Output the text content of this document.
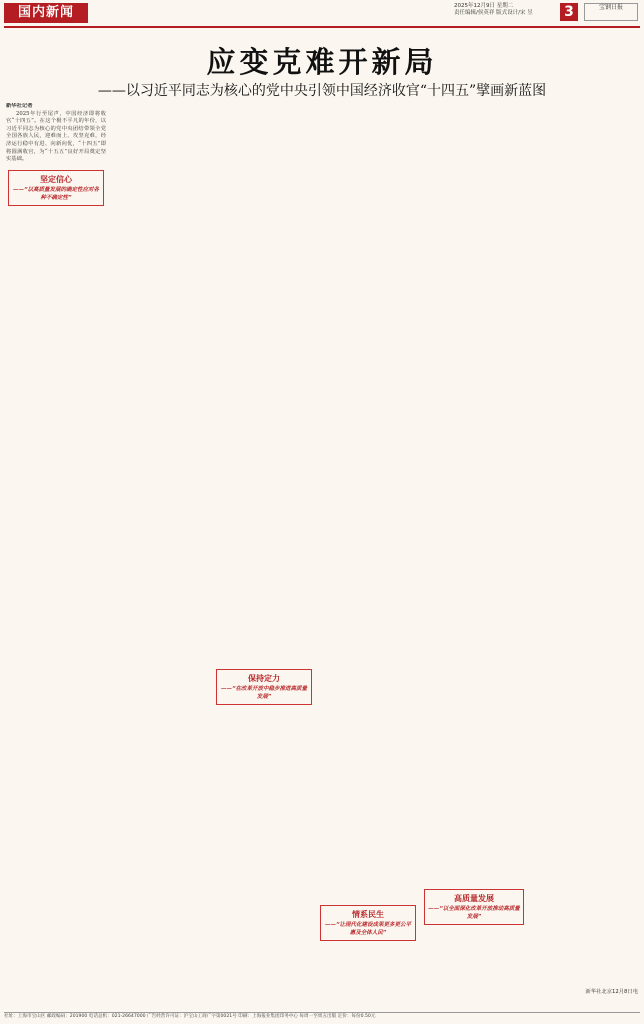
国内新闻	2025年12月9日 星期二
责任编辑/侯英祥 版式设计/宋 昱 3	宝钢日报
应变克难开新局
——以习近平同志为核心的党中央引领中国经济收官“十四五”擘画新蓝图
新华社记者

2025年行至尾声，中国经济即将收官“十四五”。在这个极不平凡的年份，以习近平同志为核心的党中央团结带领全党全国各族人民，迎难而上、攻坚克难，经济运行稳中有进、向新向优，“十四五”即将圆满收官，为“十五五”良好开局奠定坚实基础。

坚定信心
——“以高质量发展的确定性应对各种不确定性”
保持定力
——“在改革开放中稳步推进高质量发展”
情系民生
——“让现代化建设成果更多更公平惠及全体人民”
高质量发展
——“以全面深化改革开放推动高质量发展”
新华社北京12月8日电
社址：上海市宝山区 邮政编码：201900 电话总机：021-26647000 广告经营许可证：沪宝山工商广字第0021号 印刷：上海报业集团印务中心 每周一至周五出版 定价：每份0.50元
